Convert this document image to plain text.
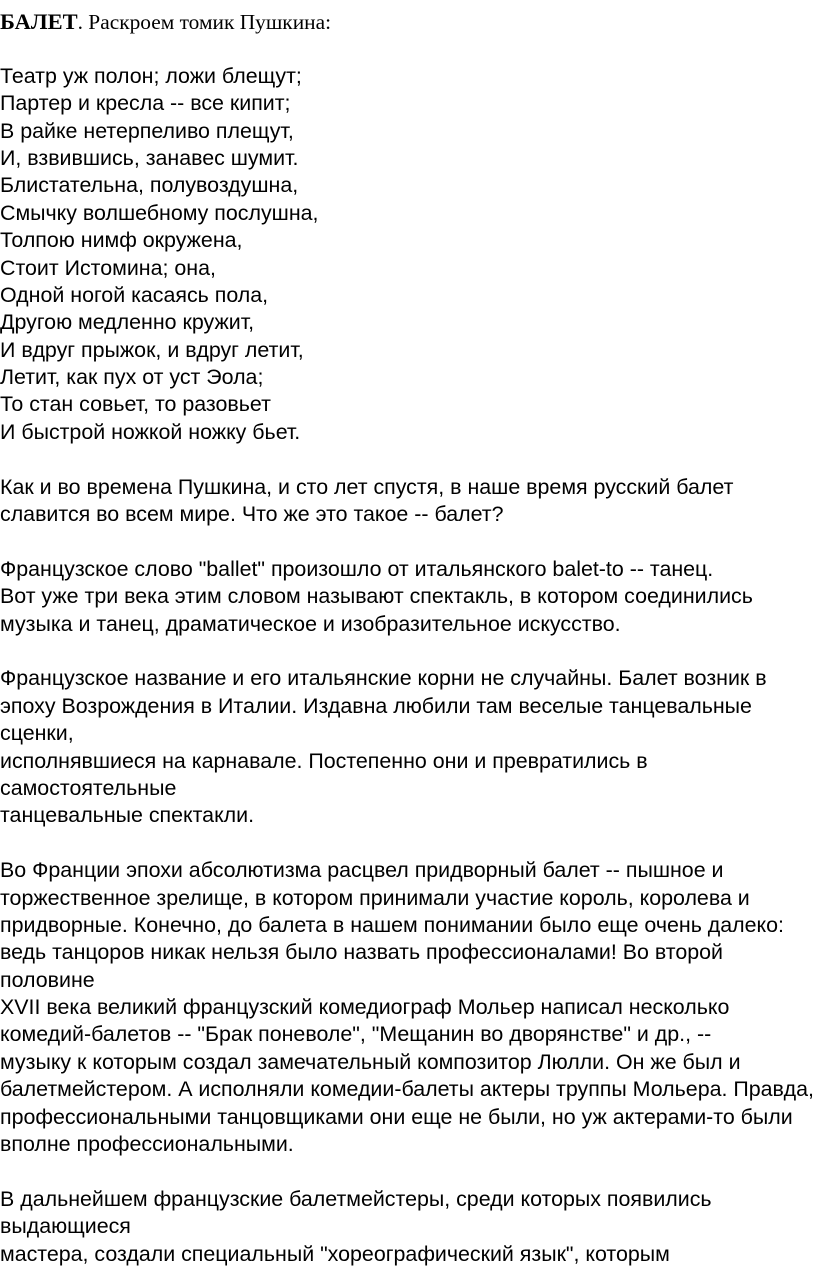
БАЛЕТ. Раскроем томик Пушкина:
Театр уж полон; ложи блещут;
Партер и кресла -- все кипит;
В райке нетерпеливо плещут,
И, взвившись, занавес шумит.
Блистательна, полувоздушна,
Смычку волшебному послушна,
Толпою нимф окружена,
Стоит Истомина; она,
Одной ногой касаясь пола,
Другою медленно кружит,
И вдруг прыжок, и вдруг летит,
Летит, как пух от уст Эола;
То стан совьет, то разовьет
И быстрой ножкой ножку бьет.
Как и во времена Пушкина, и сто лет спустя, в наше время русский балет
славится во всем мире. Что же это такое -- балет?
Французское слово "ballet" произошло от итальянского balet-to -- танец.
Вот уже три века этим словом называют спектакль, в котором соединились
музыка и танец, драматическое и изобразительное искусство.
Французское название и его итальянские корни не случайны. Балет возник в
эпоху Возрождения в Италии. Издавна любили там веселые танцевальные
сценки,
исполнявшиеся на карнавале. Постепенно они и превратились в
самостоятельные
танцевальные спектакли.
Во Франции эпохи абсолютизма расцвел придворный балет -- пышное и
торжественное зрелище, в котором принимали участие король, королева и
придворные. Конечно, до балета в нашем понимании было еще очень далеко:
ведь танцоров никак нельзя было назвать профессионалами! Во второй
половине
XVII века великий французский комедиограф Мольер написал несколько
комедий-балетов -- "Брак поневоле", "Мещанин во дворянстве" и др., --
музыку к которым создал замечательный композитор Люлли. Он же был и
балетмейстером. А исполняли комедии-балеты актеры труппы Мольера. Правда,
профессиональными танцовщиками они еще не были, но уж актерами-то были
вполне профессиональными.
В дальнейшем французские балетмейстеры, среди которых появились
выдающиеся
мастера, создали специальный "хореографический язык", которым
